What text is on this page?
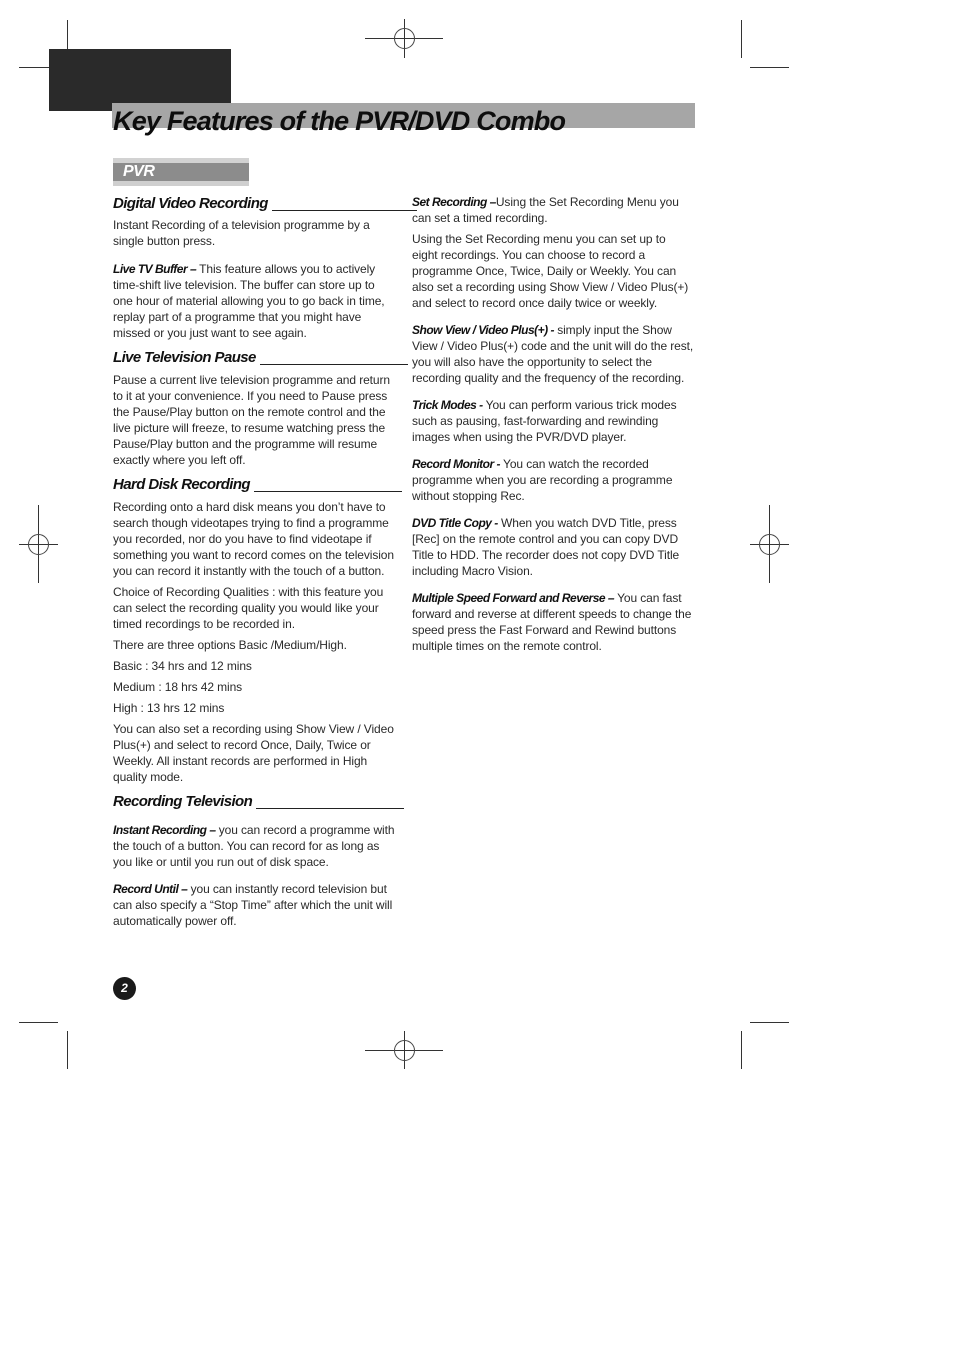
Key Features of the PVR/DVD Combo
PVR
Digital Video Recording

Instant Recording of a television programme by a single button press.

Live TV Buffer – This feature allows you to actively time-shift live television. The buffer can store up to one hour of material allowing you to go back in time, replay part of a programme that you might have missed or you just want to see again.

Live Television Pause

Pause a current live television programme and return to it at your convenience. If you need to Pause press the Pause/Play button on the remote control and the live picture will freeze, to resume watching press the Pause/Play button and the programme will resume exactly where you left off.

Hard Disk Recording

Recording onto a hard disk means you don’t have to search though videotapes trying to find a programme you recorded, nor do you have to find videotape if something you want to record comes on the television you can record it instantly with the touch of a button.

Choice of Recording Qualities : with this feature you can select the recording quality you would like your timed recordings to be recorded in.

There are three options Basic /Medium/High.

Basic : 34 hrs and 12 mins

Medium : 18 hrs 42 mins

High : 13 hrs 12 mins

You can also set a recording using Show View / Video Plus(+) and select to record Once, Daily, Twice or Weekly. All instant records are performed in High quality mode.

Recording Television

Instant Recording – you can record a programme with the touch of a button. You can record for as long as you like or until you run out of disk space.

Record Until – you can instantly record television but can also specify a “Stop Time” after which the unit will automatically power off.

Set Recording –Using the Set Recording Menu you can set a timed recording.

Using the Set Recording menu you can set up to eight recordings. You can choose to record a programme Once, Twice, Daily or Weekly. You can also set a recording using Show View / Video Plus(+) and select to record once daily twice or weekly.

Show View / Video Plus(+) - simply input the Show View / Video Plus(+) code and the unit will do the rest, you will also have the opportunity to select the recording quality and the frequency of the recording.

Trick Modes - You can perform various trick modes such as pausing, fast-forwarding and rewinding images when using the PVR/DVD player.

Record Monitor - You can watch the recorded programme when you are recording a programme without stopping Rec.

DVD Title Copy - When you watch DVD Title, press [Rec] on the remote control and you can copy DVD Title to HDD. The recorder does not copy DVD Title including Macro Vision.

Multiple Speed Forward and Reverse – You can fast forward and reverse at different speeds to change the speed press the Fast Forward and Rewind buttons multiple times on the remote control.

2
